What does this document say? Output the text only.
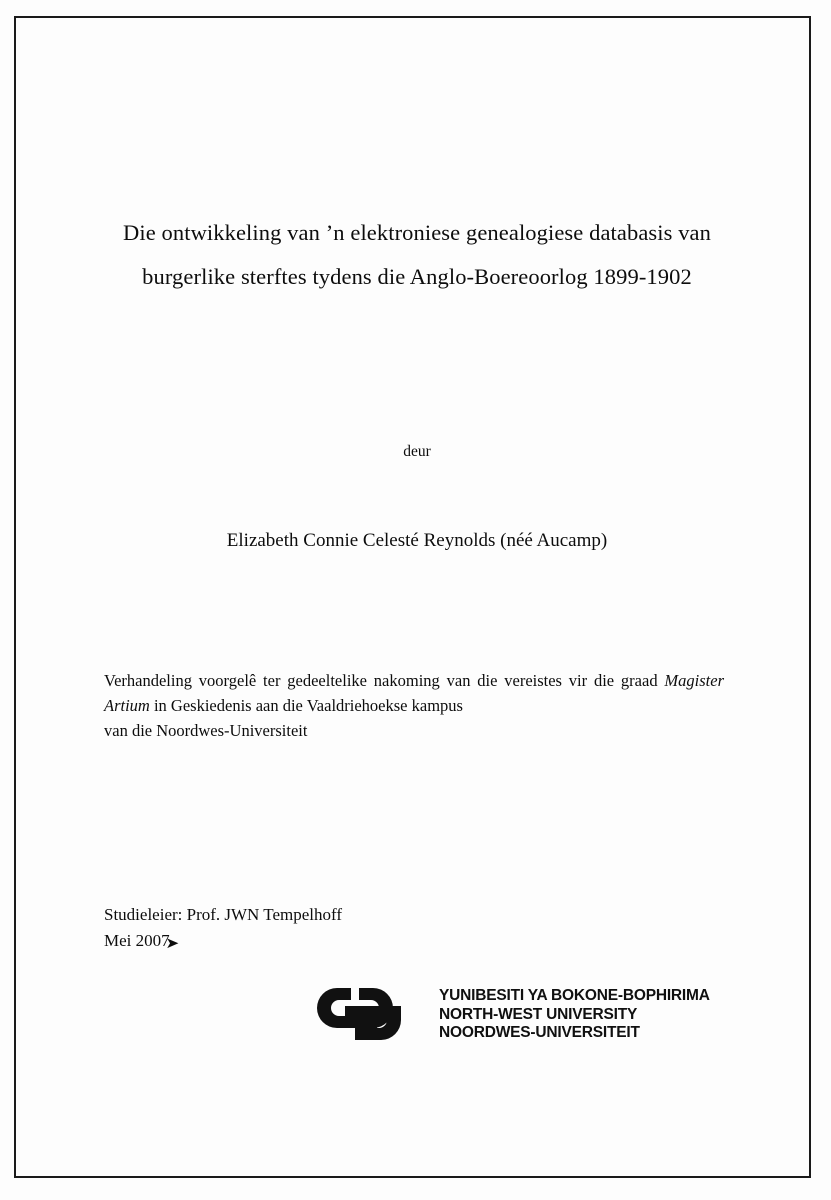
Die ontwikkeling van ’n elektroniese genealogiese databasis van
burgerlike sterftes tydens die Anglo-Boereoorlog 1899-1902
deur
Elizabeth Connie Celesté Reynolds (néé Aucamp)
Verhandeling voorgelê ter gedeeltelike nakoming van die vereistes vir die graad Magister Artium in Geskiedenis aan die Vaaldriehoekse kampus
van die Noordwes-Universiteit
Studieleier: Prof. JWN Tempelhoff
Mei 2007
➤
YUNIBESITI YA BOKONE-BOPHIRIMA
NORTH-WEST UNIVERSITY
NOORDWES-UNIVERSITEIT
